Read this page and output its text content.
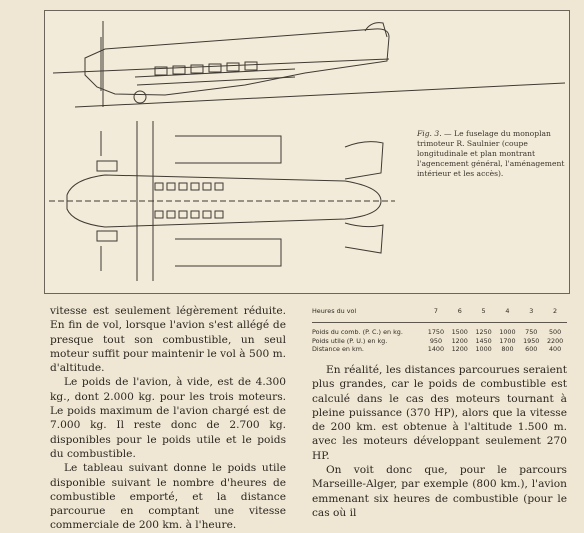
Fig. 3. — Le fuselage du monoplan trimoteur R. Saulnier (coupe longitudinale et plan montrant l'agencement général, l'aménagement intérieur et les accès).

vitesse est seulement légèrement réduite. En fin de vol, lorsque l'avion s'est allégé de presque tout son combustible, un seul moteur suffit pour maintenir le vol à 500 m. d'altitude.

Le poids de l'avion, à vide, est de 4.300 kg., dont 2.000 kg. pour les trois moteurs. Le poids maximum de l'avion chargé est de 7.000 kg. Il reste donc de 2.700 kg. disponibles pour le poids utile et le poids du combustible.

Le tableau suivant donne le poids utile disponible suivant le nombre d'heures de combustible emporté, et la distance parcourue en comptant une vitesse commerciale de 200 km. à l'heure.

Heures du vol	7	6	5	4	3	2
Poids du comb. (P. C.) en kg.	1750	1500	1250	1000	750	500
Poids utile (P. U.) en kg.	950	1200	1450	1700	1950	2200
Distance en km.	1400	1200	1000	800	600	400

En réalité, les distances parcourues seraient plus grandes, car le poids de combustible est calculé dans le cas des moteurs tournant à pleine puissance (370 HP), alors que la vitesse de 200 km. est obtenue à l'altitude 1.500 m. avec les moteurs développant seulement 270 HP.

On voit donc que, pour le parcours Marseille-Alger, par exemple (800 km.), l'avion emmenant six heures de combustible (pour le cas où il
